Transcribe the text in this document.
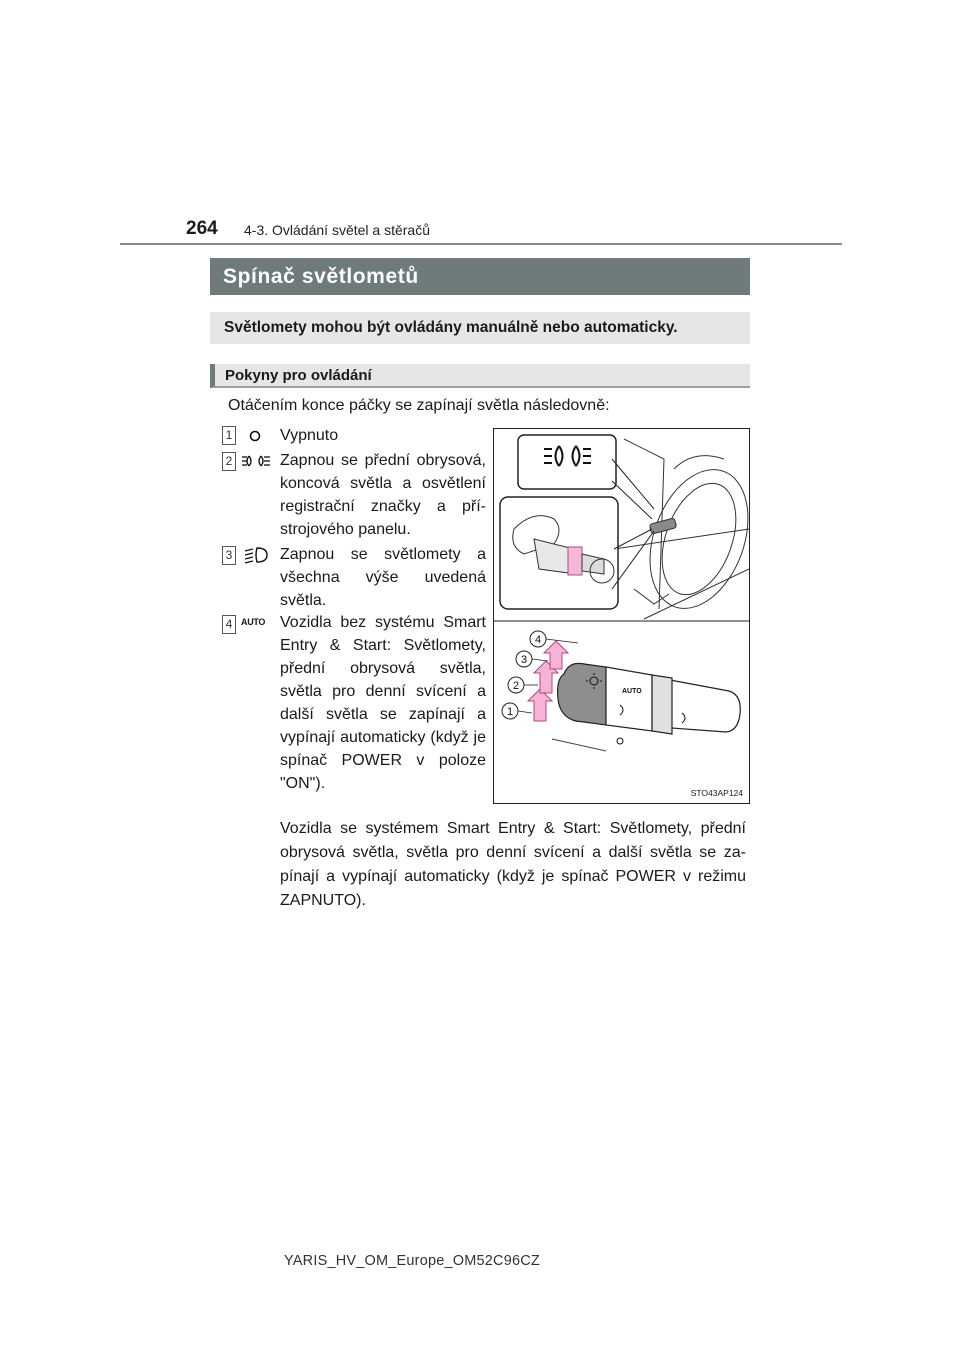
264 4-3. Ovládání světel a stěračů
Spínač světlometů
Světlomety mohou být ovládány manuálně nebo automaticky.
Pokyny pro ovládání
Otáčením konce páčky se zapínají světla následovně:
1	Vypnuto
2	Zapnou se přední obrysová, koncová světla a osvětlení registrační značky a přístrojového panelu.
3	Zapnou se světlomety a všechna výše uvedená světla.
4 AUTO Vozidla bez systému Smart Entry & Start: Světlomety, přední obrysová světla, světla pro denní svícení a další světla se zapínají a vypínají automaticky (když je spínač POWER v poloze "ON").
AUTO
1
2
3
4
STO43AP124
Vozidla se systémem Smart Entry & Start: Světlomety, přední obrysová světla, světla pro denní svícení a další světla se zapínají a vypínají automaticky (když je spínač POWER v režimu ZAPNUTO).
YARIS_HV_OM_Europe_OM52C96CZ
